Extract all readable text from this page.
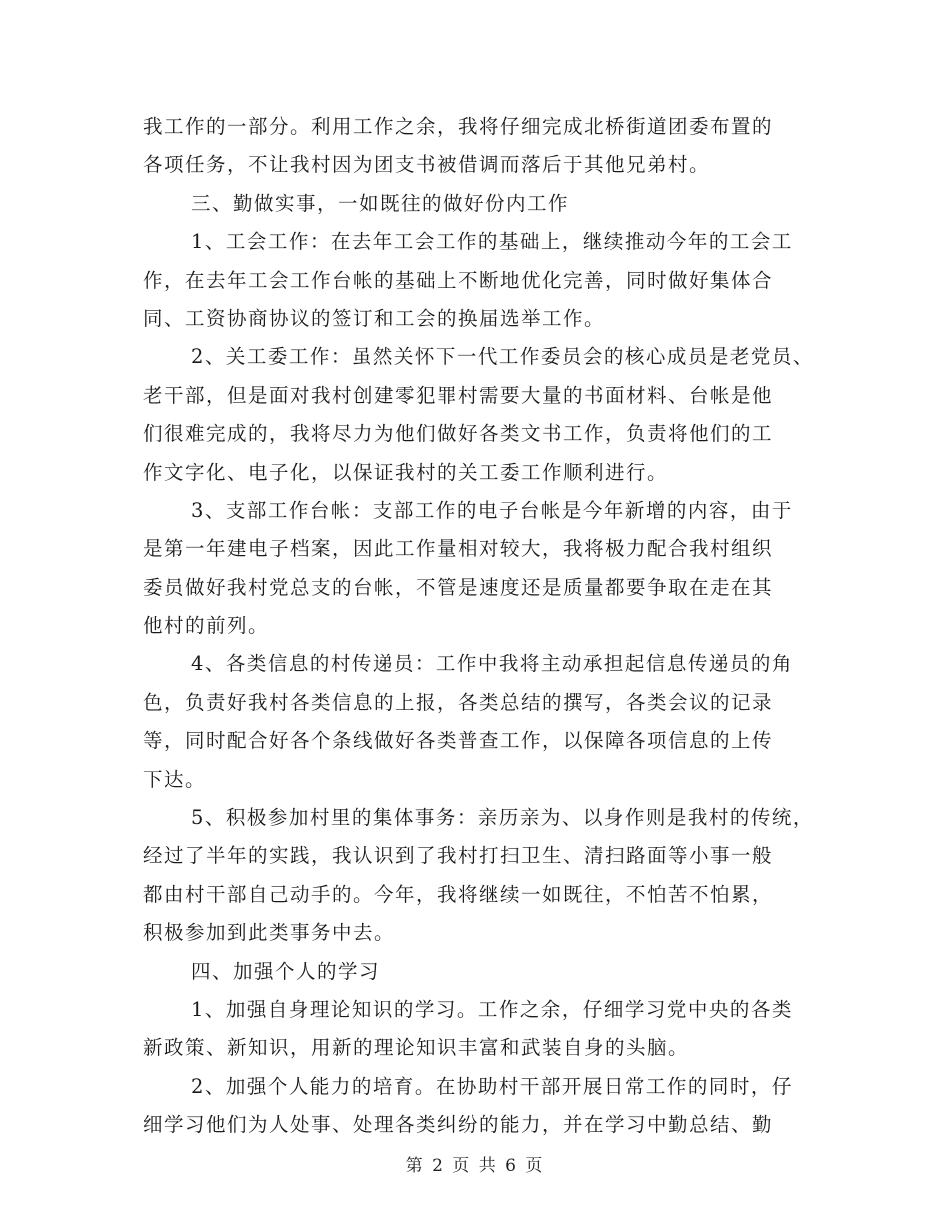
我工作的一部分。利用工作之余，我将仔细完成北桥街道团委布置的
各项任务，不让我村因为团支书被借调而落后于其他兄弟村。
三、勤做实事，一如既往的做好份内工作
1、工会工作：在去年工会工作的基础上，继续推动今年的工会工
作，在去年工会工作台帐的基础上不断地优化完善，同时做好集体合
同、工资协商协议的签订和工会的换届选举工作。
2、关工委工作：虽然关怀下一代工作委员会的核心成员是老党员、
老干部，但是面对我村创建零犯罪村需要大量的书面材料、台帐是他
们很难完成的，我将尽力为他们做好各类文书工作，负责将他们的工
作文字化、电子化，以保证我村的关工委工作顺利进行。
3、支部工作台帐：支部工作的电子台帐是今年新增的内容，由于
是第一年建电子档案，因此工作量相对较大，我将极力配合我村组织
委员做好我村党总支的台帐，不管是速度还是质量都要争取在走在其
他村的前列。
4、各类信息的村传递员：工作中我将主动承担起信息传递员的角
色，负责好我村各类信息的上报，各类总结的撰写，各类会议的记录
等，同时配合好各个条线做好各类普查工作，以保障各项信息的上传
下达。
5、积极参加村里的集体事务：亲历亲为、以身作则是我村的传统，
经过了半年的实践，我认识到了我村打扫卫生、清扫路面等小事一般
都由村干部自己动手的。今年，我将继续一如既往，不怕苦不怕累，
积极参加到此类事务中去。
四、加强个人的学习
1、加强自身理论知识的学习。工作之余，仔细学习党中央的各类
新政策、新知识，用新的理论知识丰富和武装自身的头脑。
2、加强个人能力的培育。在协助村干部开展日常工作的同时，仔
细学习他们为人处事、处理各类纠纷的能力，并在学习中勤总结、勤

第 2 页 共 6 页
